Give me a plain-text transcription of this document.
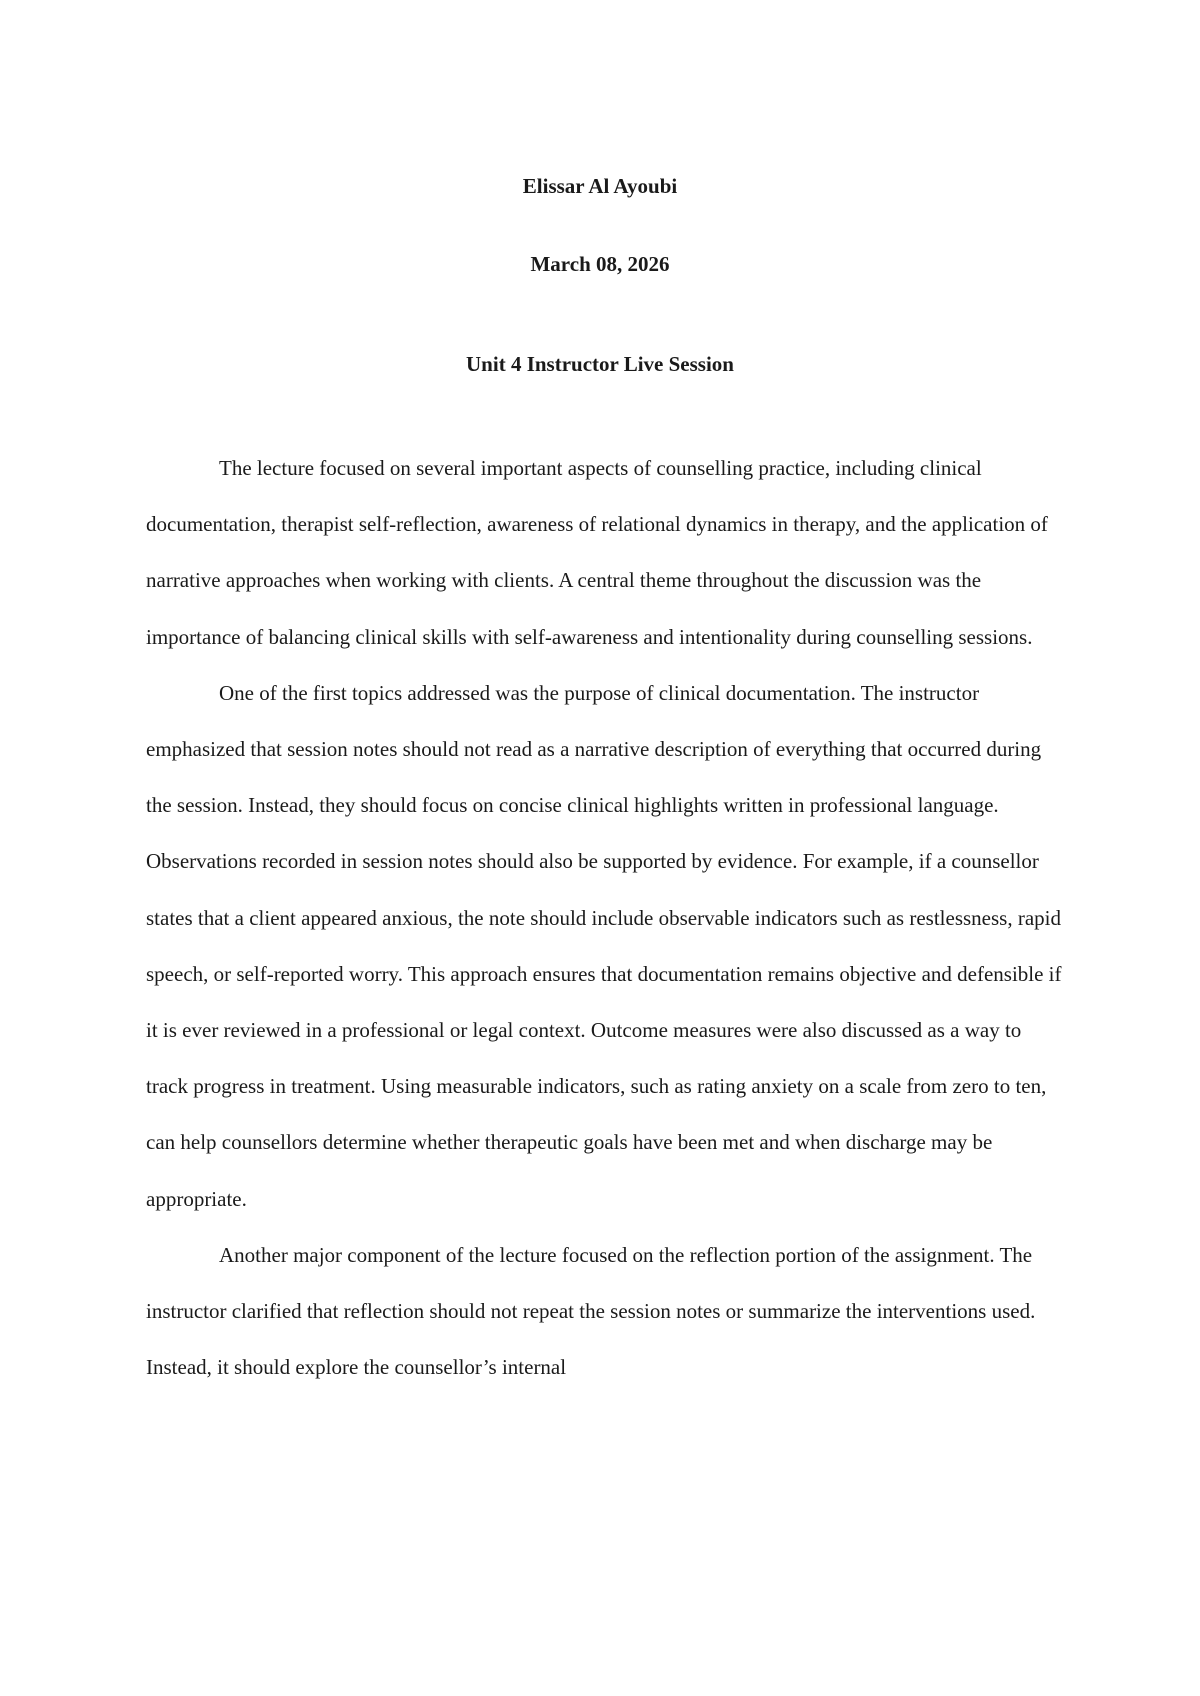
Elissar Al Ayoubi

March 08, 2026

Unit 4 Instructor Live Session

The lecture focused on several important aspects of counselling practice, including clinical documentation, therapist self-reflection, awareness of relational dynamics in therapy, and the application of narrative approaches when working with clients. A central theme throughout the discussion was the importance of balancing clinical skills with self-awareness and intentionality during counselling sessions.

One of the first topics addressed was the purpose of clinical documentation. The instructor emphasized that session notes should not read as a narrative description of everything that occurred during the session. Instead, they should focus on concise clinical highlights written in professional language. Observations recorded in session notes should also be supported by evidence. For example, if a counsellor states that a client appeared anxious, the note should include observable indicators such as restlessness, rapid speech, or self-reported worry. This approach ensures that documentation remains objective and defensible if it is ever reviewed in a professional or legal context. Outcome measures were also discussed as a way to track progress in treatment. Using measurable indicators, such as rating anxiety on a scale from zero to ten, can help counsellors determine whether therapeutic goals have been met and when discharge may be appropriate.

Another major component of the lecture focused on the reflection portion of the assignment. The instructor clarified that reflection should not repeat the session notes or summarize the interventions used. Instead, it should explore the counsellor’s internal
